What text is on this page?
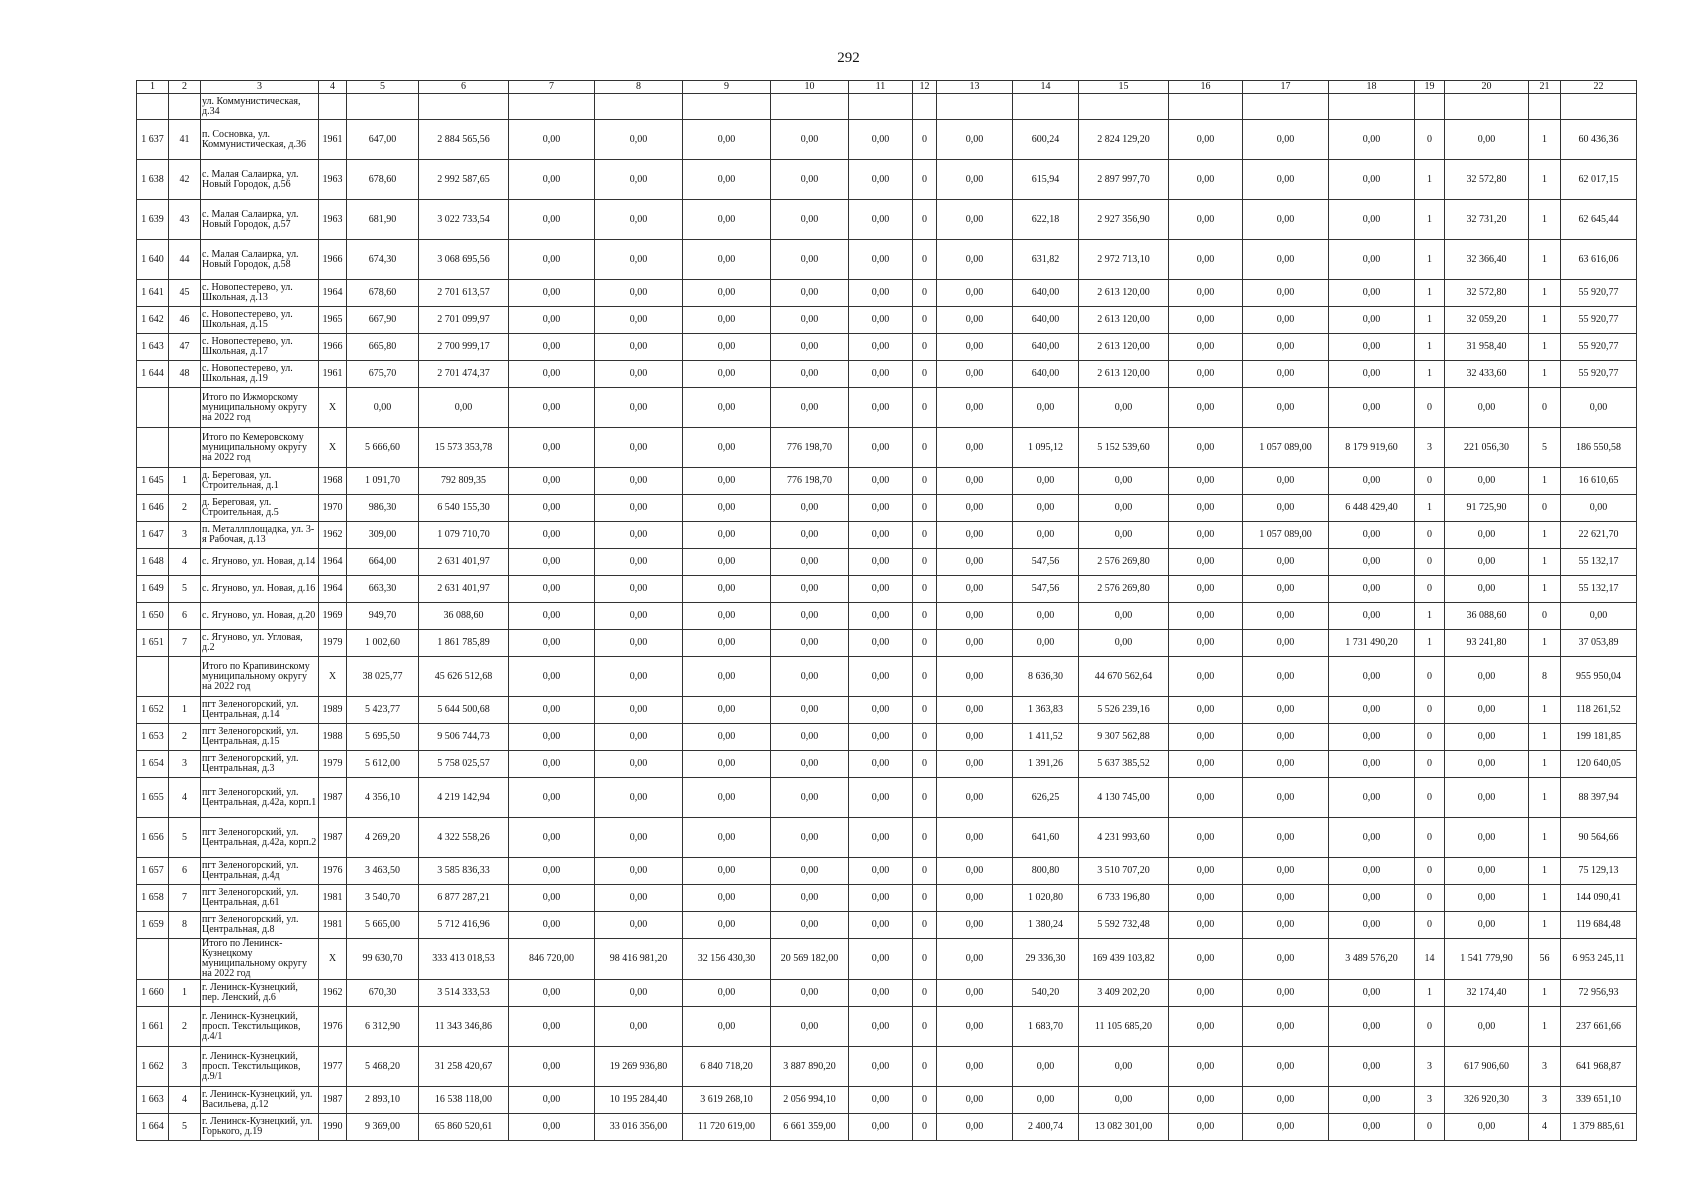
292
1	2	3	4	5	6	7	8	9	10	11	12	13	14	15	16	17	18	19	20	21	22
		ул. Коммунистическая, д.34																			
1 637	41	п. Сосновка, ул. Коммунистическая, д.36	1961	647,00	2 884 565,56	0,00	0,00	0,00	0,00	0,00	0	0,00	600,24	2 824 129,20	0,00	0,00	0,00	0	0,00	1	60 436,36
1 638	42	с. Малая Салаирка, ул. Новый Городок, д.56	1963	678,60	2 992 587,65	0,00	0,00	0,00	0,00	0,00	0	0,00	615,94	2 897 997,70	0,00	0,00	0,00	1	32 572,80	1	62 017,15
1 639	43	с. Малая Салаирка, ул. Новый Городок, д.57	1963	681,90	3 022 733,54	0,00	0,00	0,00	0,00	0,00	0	0,00	622,18	2 927 356,90	0,00	0,00	0,00	1	32 731,20	1	62 645,44
1 640	44	с. Малая Салаирка, ул. Новый Городок, д.58	1966	674,30	3 068 695,56	0,00	0,00	0,00	0,00	0,00	0	0,00	631,82	2 972 713,10	0,00	0,00	0,00	1	32 366,40	1	63 616,06
1 641	45	с. Новопестерево, ул. Школьная, д.13	1964	678,60	2 701 613,57	0,00	0,00	0,00	0,00	0,00	0	0,00	640,00	2 613 120,00	0,00	0,00	0,00	1	32 572,80	1	55 920,77
1 642	46	с. Новопестерево, ул. Школьная, д.15	1965	667,90	2 701 099,97	0,00	0,00	0,00	0,00	0,00	0	0,00	640,00	2 613 120,00	0,00	0,00	0,00	1	32 059,20	1	55 920,77
1 643	47	с. Новопестерево, ул. Школьная, д.17	1966	665,80	2 700 999,17	0,00	0,00	0,00	0,00	0,00	0	0,00	640,00	2 613 120,00	0,00	0,00	0,00	1	31 958,40	1	55 920,77
1 644	48	с. Новопестерево, ул. Школьная, д.19	1961	675,70	2 701 474,37	0,00	0,00	0,00	0,00	0,00	0	0,00	640,00	2 613 120,00	0,00	0,00	0,00	1	32 433,60	1	55 920,77
		Итого по Ижморскому муниципальному округу на 2022 год	X	0,00	0,00	0,00	0,00	0,00	0,00	0,00	0	0,00	0,00	0,00	0,00	0,00	0,00	0	0,00	0	0,00
		Итого по Кемеровскому муниципальному округу на 2022 год	X	5 666,60	15 573 353,78	0,00	0,00	0,00	776 198,70	0,00	0	0,00	1 095,12	5 152 539,60	0,00	1 057 089,00	8 179 919,60	3	221 056,30	5	186 550,58
1 645	1	д. Береговая, ул. Строительная, д.1	1968	1 091,70	792 809,35	0,00	0,00	0,00	776 198,70	0,00	0	0,00	0,00	0,00	0,00	0,00	0,00	0	0,00	1	16 610,65
1 646	2	д. Береговая, ул. Строительная, д.5	1970	986,30	6 540 155,30	0,00	0,00	0,00	0,00	0,00	0	0,00	0,00	0,00	0,00	0,00	6 448 429,40	1	91 725,90	0	0,00
1 647	3	п. Металлплощадка, ул. 3-я Рабочая, д.13	1962	309,00	1 079 710,70	0,00	0,00	0,00	0,00	0,00	0	0,00	0,00	0,00	0,00	1 057 089,00	0,00	0	0,00	1	22 621,70
1 648	4	с. Ягуново, ул. Новая, д.14	1964	664,00	2 631 401,97	0,00	0,00	0,00	0,00	0,00	0	0,00	547,56	2 576 269,80	0,00	0,00	0,00	0	0,00	1	55 132,17
1 649	5	с. Ягуново, ул. Новая, д.16	1964	663,30	2 631 401,97	0,00	0,00	0,00	0,00	0,00	0	0,00	547,56	2 576 269,80	0,00	0,00	0,00	0	0,00	1	55 132,17
1 650	6	с. Ягуново, ул. Новая, д.20	1969	949,70	36 088,60	0,00	0,00	0,00	0,00	0,00	0	0,00	0,00	0,00	0,00	0,00	0,00	1	36 088,60	0	0,00
1 651	7	с. Ягуново, ул. Угловая, д.2	1979	1 002,60	1 861 785,89	0,00	0,00	0,00	0,00	0,00	0	0,00	0,00	0,00	0,00	0,00	1 731 490,20	1	93 241,80	1	37 053,89
		Итого по Крапивинскому муниципальному округу на 2022 год	X	38 025,77	45 626 512,68	0,00	0,00	0,00	0,00	0,00	0	0,00	8 636,30	44 670 562,64	0,00	0,00	0,00	0	0,00	8	955 950,04
1 652	1	пгт Зеленогорский, ул. Центральная, д.14	1989	5 423,77	5 644 500,68	0,00	0,00	0,00	0,00	0,00	0	0,00	1 363,83	5 526 239,16	0,00	0,00	0,00	0	0,00	1	118 261,52
1 653	2	пгт Зеленогорский, ул. Центральная, д.15	1988	5 695,50	9 506 744,73	0,00	0,00	0,00	0,00	0,00	0	0,00	1 411,52	9 307 562,88	0,00	0,00	0,00	0	0,00	1	199 181,85
1 654	3	пгт Зеленогорский, ул. Центральная, д.3	1979	5 612,00	5 758 025,57	0,00	0,00	0,00	0,00	0,00	0	0,00	1 391,26	5 637 385,52	0,00	0,00	0,00	0	0,00	1	120 640,05
1 655	4	пгт Зеленогорский, ул. Центральная, д.42а, корп.1	1987	4 356,10	4 219 142,94	0,00	0,00	0,00	0,00	0,00	0	0,00	626,25	4 130 745,00	0,00	0,00	0,00	0	0,00	1	88 397,94
1 656	5	пгт Зеленогорский, ул. Центральная, д.42а, корп.2	1987	4 269,20	4 322 558,26	0,00	0,00	0,00	0,00	0,00	0	0,00	641,60	4 231 993,60	0,00	0,00	0,00	0	0,00	1	90 564,66
1 657	6	пгт Зеленогорский, ул. Центральная, д.4д	1976	3 463,50	3 585 836,33	0,00	0,00	0,00	0,00	0,00	0	0,00	800,80	3 510 707,20	0,00	0,00	0,00	0	0,00	1	75 129,13
1 658	7	пгт Зеленогорский, ул. Центральная, д.61	1981	3 540,70	6 877 287,21	0,00	0,00	0,00	0,00	0,00	0	0,00	1 020,80	6 733 196,80	0,00	0,00	0,00	0	0,00	1	144 090,41
1 659	8	пгт Зеленогорский, ул. Центральная, д.8	1981	5 665,00	5 712 416,96	0,00	0,00	0,00	0,00	0,00	0	0,00	1 380,24	5 592 732,48	0,00	0,00	0,00	0	0,00	1	119 684,48
		Итого по Ленинск-Кузнецкому муниципальному округу на 2022 год	X	99 630,70	333 413 018,53	846 720,00	98 416 981,20	32 156 430,30	20 569 182,00	0,00	0	0,00	29 336,30	169 439 103,82	0,00	0,00	3 489 576,20	14	1 541 779,90	56	6 953 245,11
1 660	1	г. Ленинск-Кузнецкий, пер. Ленский, д.6	1962	670,30	3 514 333,53	0,00	0,00	0,00	0,00	0,00	0	0,00	540,20	3 409 202,20	0,00	0,00	0,00	1	32 174,40	1	72 956,93
1 661	2	г. Ленинск-Кузнецкий, просп. Текстильщиков, д.4/1	1976	6 312,90	11 343 346,86	0,00	0,00	0,00	0,00	0,00	0	0,00	1 683,70	11 105 685,20	0,00	0,00	0,00	0	0,00	1	237 661,66
1 662	3	г. Ленинск-Кузнецкий, просп. Текстильщиков, д.9/1	1977	5 468,20	31 258 420,67	0,00	19 269 936,80	6 840 718,20	3 887 890,20	0,00	0	0,00	0,00	0,00	0,00	0,00	0,00	3	617 906,60	3	641 968,87
1 663	4	г. Ленинск-Кузнецкий, ул. Васильева, д.12	1987	2 893,10	16 538 118,00	0,00	10 195 284,40	3 619 268,10	2 056 994,10	0,00	0	0,00	0,00	0,00	0,00	0,00	0,00	3	326 920,30	3	339 651,10
1 664	5	г. Ленинск-Кузнецкий, ул. Горького, д.19	1990	9 369,00	65 860 520,61	0,00	33 016 356,00	11 720 619,00	6 661 359,00	0,00	0	0,00	2 400,74	13 082 301,00	0,00	0,00	0,00	0	0,00	4	1 379 885,61
